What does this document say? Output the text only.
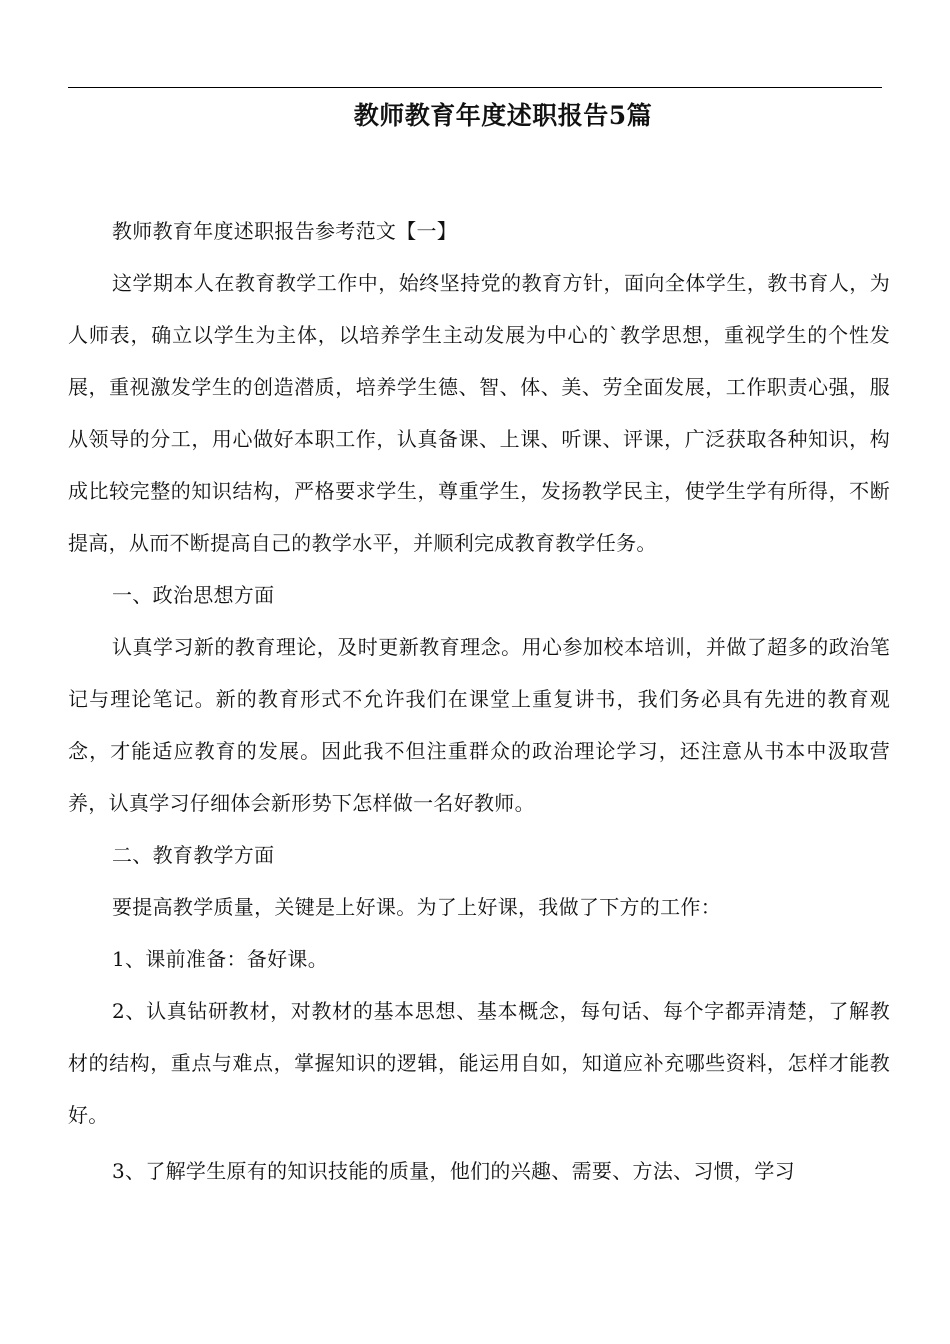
教师教育年度述职报告5篇

教师教育年度述职报告参考范文【一】

这学期本人在教育教学工作中，始终坚持党的教育方针，面向全体学生，教书育人，为人师表，确立以学生为主体，以培养学生主动发展为中心的`教学思想，重视学生的个性发展，重视激发学生的创造潜质，培养学生德、智、体、美、劳全面发展，工作职责心强，服从领导的分工，用心做好本职工作，认真备课、上课、听课、评课，广泛获取各种知识，构成比较完整的知识结构，严格要求学生，尊重学生，发扬教学民主，使学生学有所得，不断提高，从而不断提高自己的教学水平，并顺利完成教育教学任务。

一、政治思想方面

认真学习新的教育理论，及时更新教育理念。用心参加校本培训，并做了超多的政治笔记与理论笔记。新的教育形式不允许我们在课堂上重复讲书，我们务必具有先进的教育观念，才能适应教育的发展。因此我不但注重群众的政治理论学习，还注意从书本中汲取营养，认真学习仔细体会新形势下怎样做一名好教师。

二、教育教学方面

要提高教学质量，关键是上好课。为了上好课，我做了下方的工作：

1、课前准备：备好课。

2、认真钻研教材，对教材的基本思想、基本概念，每句话、每个字都弄清楚，了解教材的结构，重点与难点，掌握知识的逻辑，能运用自如，知道应补充哪些资料，怎样才能教好。

3、了解学生原有的知识技能的质量，他们的兴趣、需要、方法、习惯，学习
